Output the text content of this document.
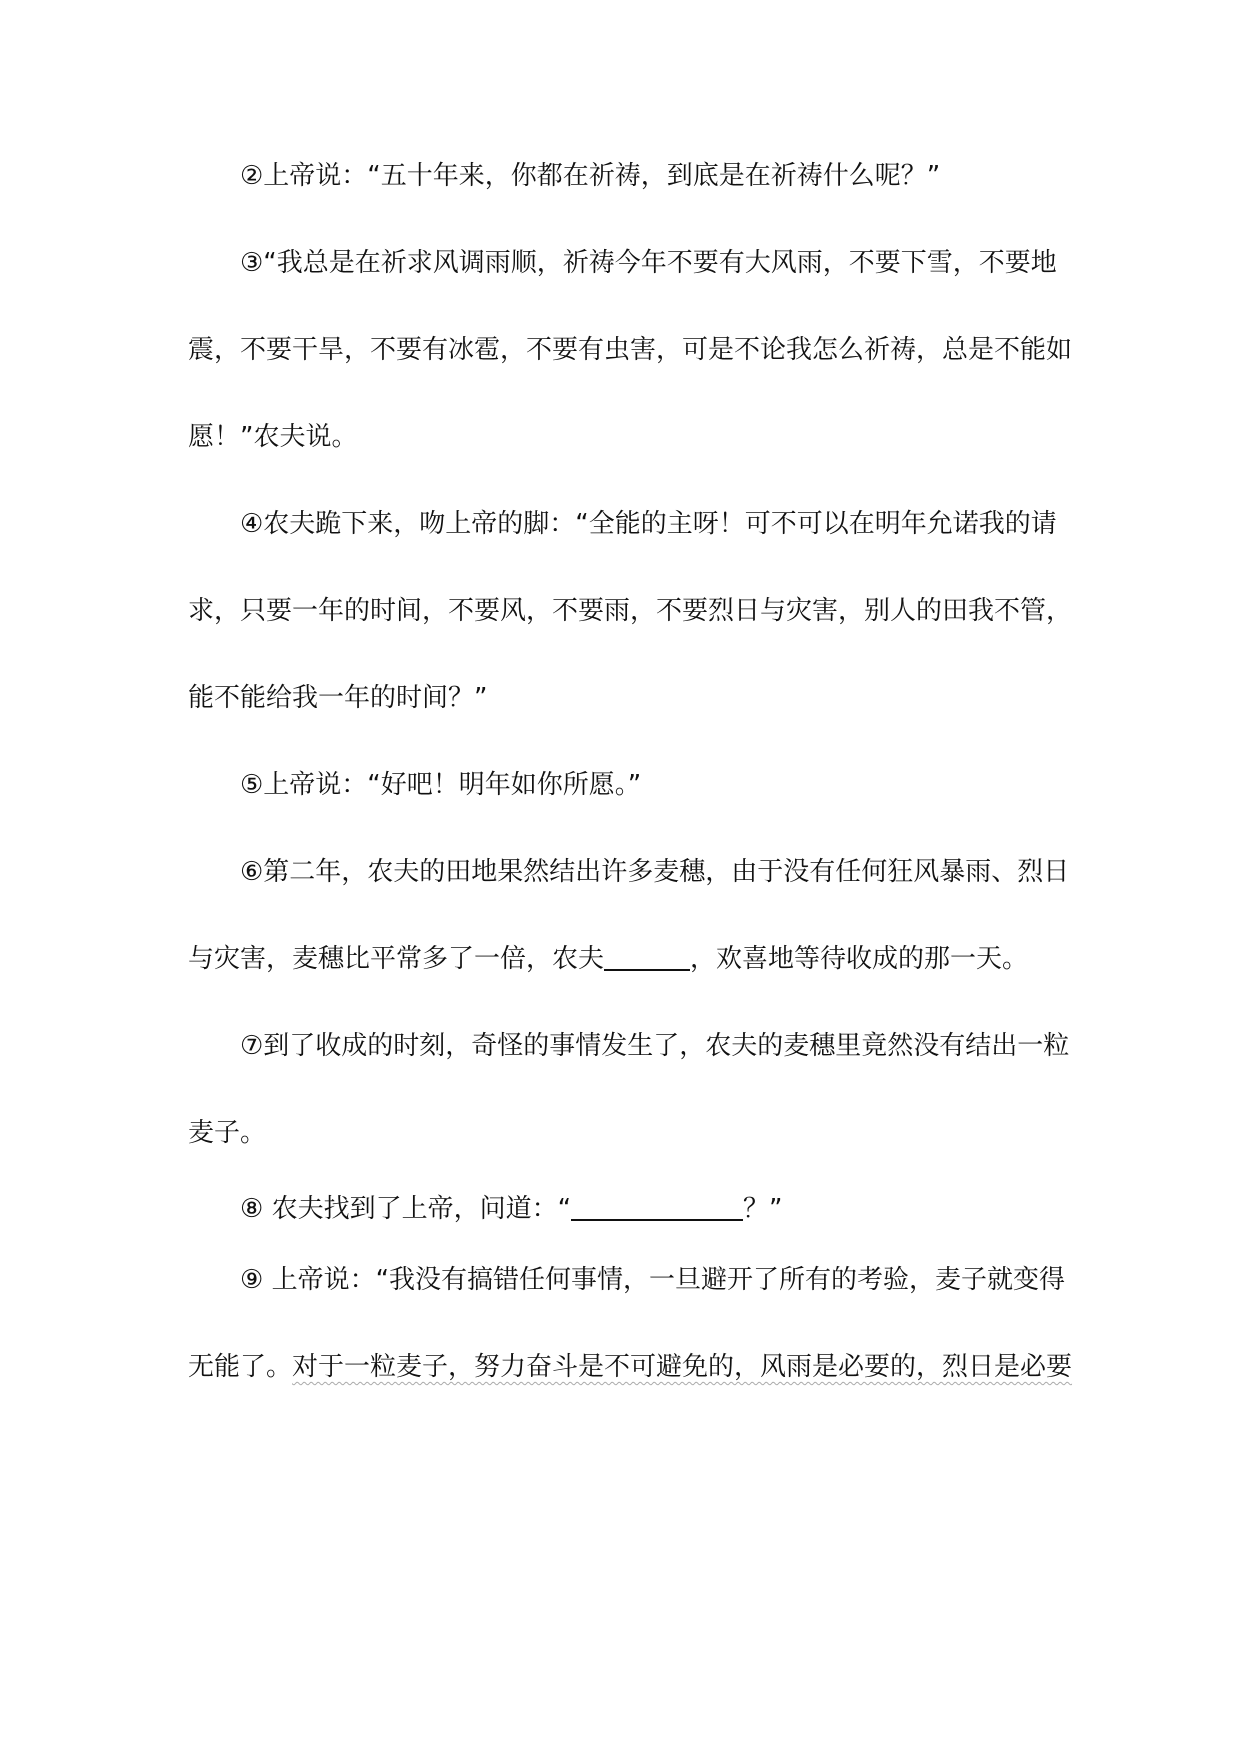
②上帝说：“五十年来，你都在祈祷，到底是在祈祷什么呢？”
③“我总是在祈求风调雨顺，祈祷今年不要有大风雨，不要下雪，不要地
震，不要干旱，不要有冰雹，不要有虫害，可是不论我怎么祈祷，总是不能如
愿！”农夫说。
④农夫跪下来，吻上帝的脚：“全能的主呀！可不可以在明年允诺我的请
求，只要一年的时间，不要风，不要雨，不要烈日与灾害，别人的田我不管，
能不能给我一年的时间？”
⑤上帝说：“好吧！明年如你所愿。”
⑥第二年，农夫的田地果然结出许多麦穗，由于没有任何狂风暴雨、烈日
与灾害，麦穗比平常多了一倍，农夫	，欢喜地等待收成的那一天。
⑦到了收成的时刻，奇怪的事情发生了，农夫的麦穗里竟然没有结出一粒
麦子。
⑧ 农夫找到了上帝，问道：“	？”
⑨ 上帝说：“我没有搞错任何事情，一旦避开了所有的考验，麦子就变得
无能了。对于一粒麦子，努力奋斗是不可避免的，风雨是必要的，烈日是必要
